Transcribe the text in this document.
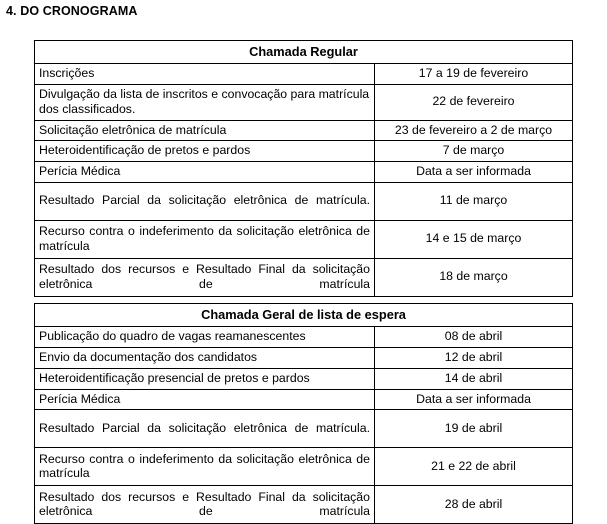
4. DO CRONOGRAMA
Chamada Regular	
Inscrições	17 a 19 de fevereiro
Divulgação da lista de inscritos e convocação para matrícula dos classificados.	22 de fevereiro
Solicitação eletrônica de matrícula	23 de fevereiro a 2 de março
Heteroidentificação de pretos e pardos	7 de março
Perícia Médica	Data a ser informada
Resultado Parcial da solicitação eletrônica de matrícula.	11 de março
Recurso contra o indeferimento da solicitação eletrônica de matrícula	14 e 15 de março
Resultado dos recursos e Resultado Final da solicitação eletrônica de matrícula	18 de março
Chamada Geral de lista de espera	
Publicação do quadro de vagas reamanescentes	08 de abril
Envio da documentação dos candidatos	12 de abril
Heteroidentificação presencial de pretos e pardos	14 de abril
Perícia Médica	Data a ser informada
Resultado Parcial da solicitação eletrônica de matrícula.	19 de abril
Recurso contra o indeferimento da solicitação eletrônica de matrícula	21 e 22 de abril
Resultado dos recursos e Resultado Final da solicitação eletrônica de matrícula	28 de abril
